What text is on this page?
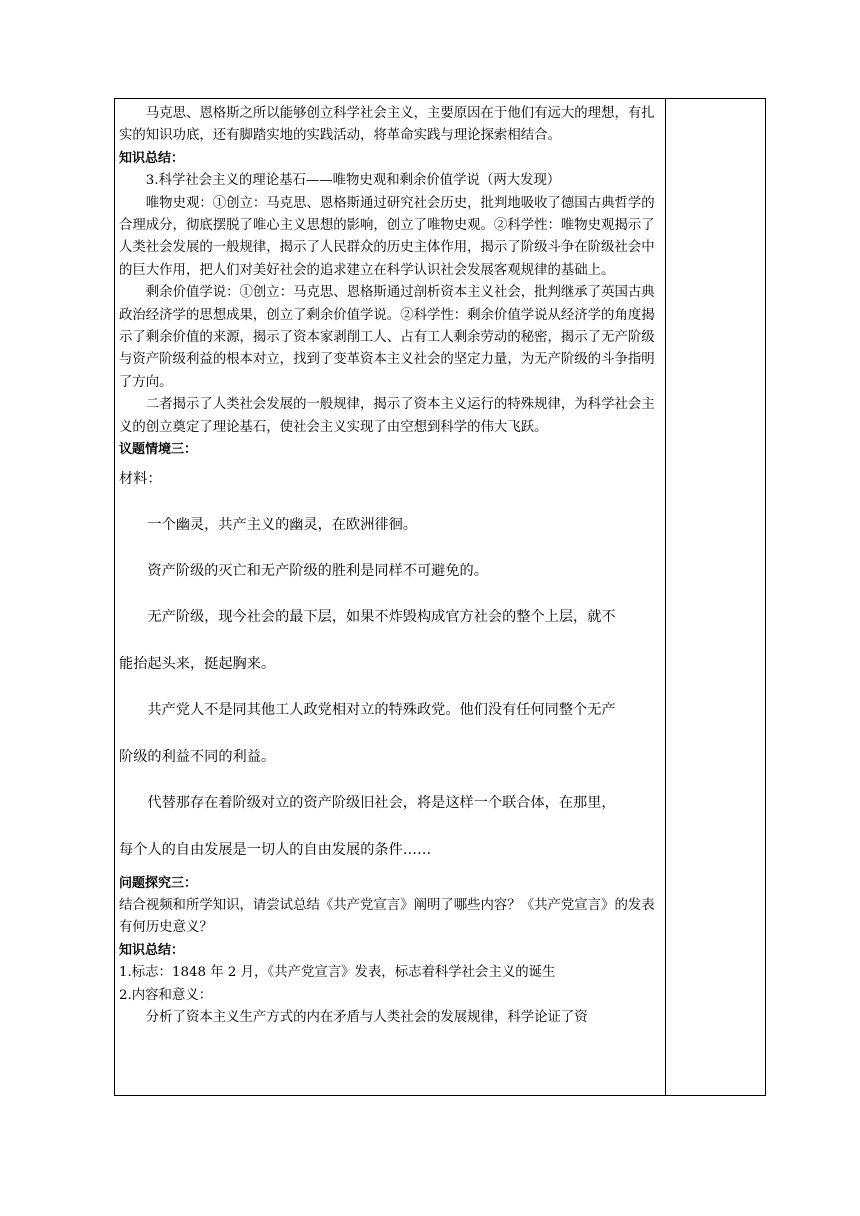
马克思、恩格斯之所以能够创立科学社会主义，主要原因在于他们有远大的理想，有扎实的知识功底，还有脚踏实地的实践活动，将革命实践与理论探索相结合。

知识总结：

3.科学社会主义的理论基石——唯物史观和剩余价值学说（两大发现）

唯物史观：①创立：马克思、恩格斯通过研究社会历史，批判地吸收了德国古典哲学的合理成分，彻底摆脱了唯心主义思想的影响，创立了唯物史观。②科学性：唯物史观揭示了人类社会发展的一般规律，揭示了人民群众的历史主体作用，揭示了阶级斗争在阶级社会中的巨大作用，把人们对美好社会的追求建立在科学认识社会发展客观规律的基础上。

剩余价值学说：①创立：马克思、恩格斯通过剖析资本主义社会，批判继承了英国古典政治经济学的思想成果，创立了剩余价值学说。②科学性：剩余价值学说从经济学的角度揭示了剩余价值的来源，揭示了资本家剥削工人、占有工人剩余劳动的秘密，揭示了无产阶级与资产阶级利益的根本对立，找到了变革资本主义社会的坚定力量，为无产阶级的斗争指明了方向。

二者揭示了人类社会发展的一般规律，揭示了资本主义运行的特殊规律，为科学社会主义的创立奠定了理论基石，使社会主义实现了由空想到科学的伟大飞跃。

议题情境三：

材料：

一个幽灵，共产主义的幽灵，在欧洲徘徊。

资产阶级的灭亡和无产阶级的胜利是同样不可避免的。

无产阶级，现今社会的最下层，如果不炸毁构成官方社会的整个上层，就不

能抬起头来，挺起胸来。

共产党人不是同其他工人政党相对立的特殊政党。他们没有任何同整个无产

阶级的利益不同的利益。

代替那存在着阶级对立的资产阶级旧社会，将是这样一个联合体，在那里，

每个人的自由发展是一切人的自由发展的条件……

问题探究三：

结合视频和所学知识，请尝试总结《共产党宣言》阐明了哪些内容？《共产党宣言》的发表有何历史意义？

知识总结：

1.标志：1848 年 2 月，《共产党宣言》发表，标志着科学社会主义的诞生

2.内容和意义：

分析了资本主义生产方式的内在矛盾与人类社会的发展规律，科学论证了资
